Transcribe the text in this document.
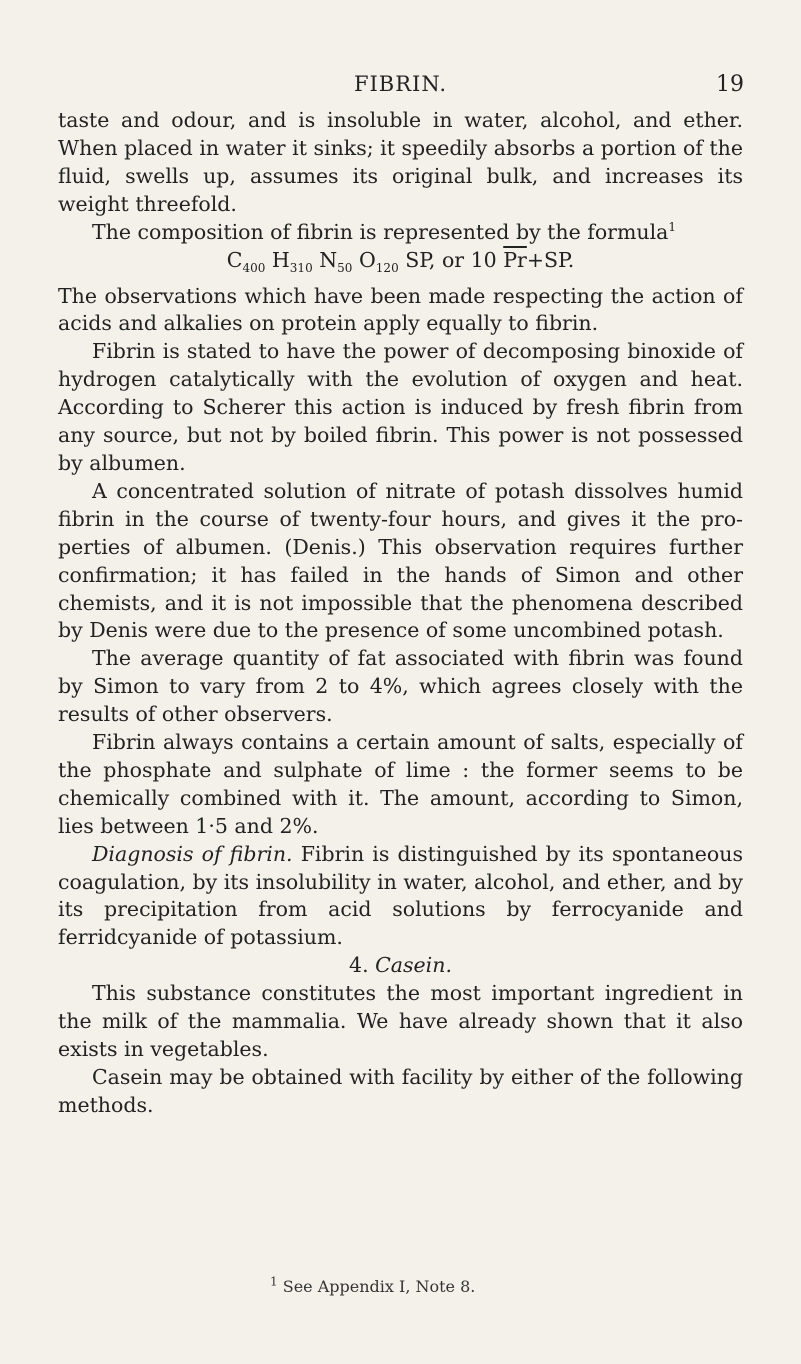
FIBRIN.	19

taste and odour, and is insoluble in water, alcohol, and ether. When placed in water it sinks; it speedily absorbs a portion of the fluid, swells up, assumes its original bulk, and increases its weight threefold.

The composition of fibrin is represented by the formula$^1$

$C_{400}$ $H_{310}$ $N_{50}$ $O_{120}$ SP, or 10 $\overline{Pr}+SP$.

The observations which have been made respecting the action of acids and alkalies on protein apply equally to fibrin.

Fibrin is stated to have the power of decomposing binoxide of hydrogen catalytically with the evolution of oxygen and heat. According to Scherer this action is induced by fresh fibrin from any source, but not by boiled fibrin. This power is not possessed by albumen.

A concentrated solution of nitrate of potash dissolves humid fibrin in the course of twenty-four hours, and gives it the pro-perties of albumen. (Denis.) This observation requires further confirmation; it has failed in the hands of Simon and other chemists, and it is not impossible that the phenomena described by Denis were due to the presence of some uncombined potash.

The average quantity of fat associated with fibrin was found by Simon to vary from 2 to 4%, which agrees closely with the results of other observers.

Fibrin always contains a certain amount of salts, especially of the phosphate and sulphate of lime : the former seems to be chemically combined with it. The amount, according to Simon, lies between 1·5 and 2%.

Diagnosis of fibrin. Fibrin is distinguished by its spontaneous coagulation, by its insolubility in water, alcohol, and ether, and by its precipitation from acid solutions by ferrocyanide and ferridcyanide of potassium.

4. Casein.

This substance constitutes the most important ingredient in the milk of the mammalia. We have already shown that it also exists in vegetables.

Casein may be obtained with facility by either of the following methods.

$^1$ See Appendix I, Note 8.
